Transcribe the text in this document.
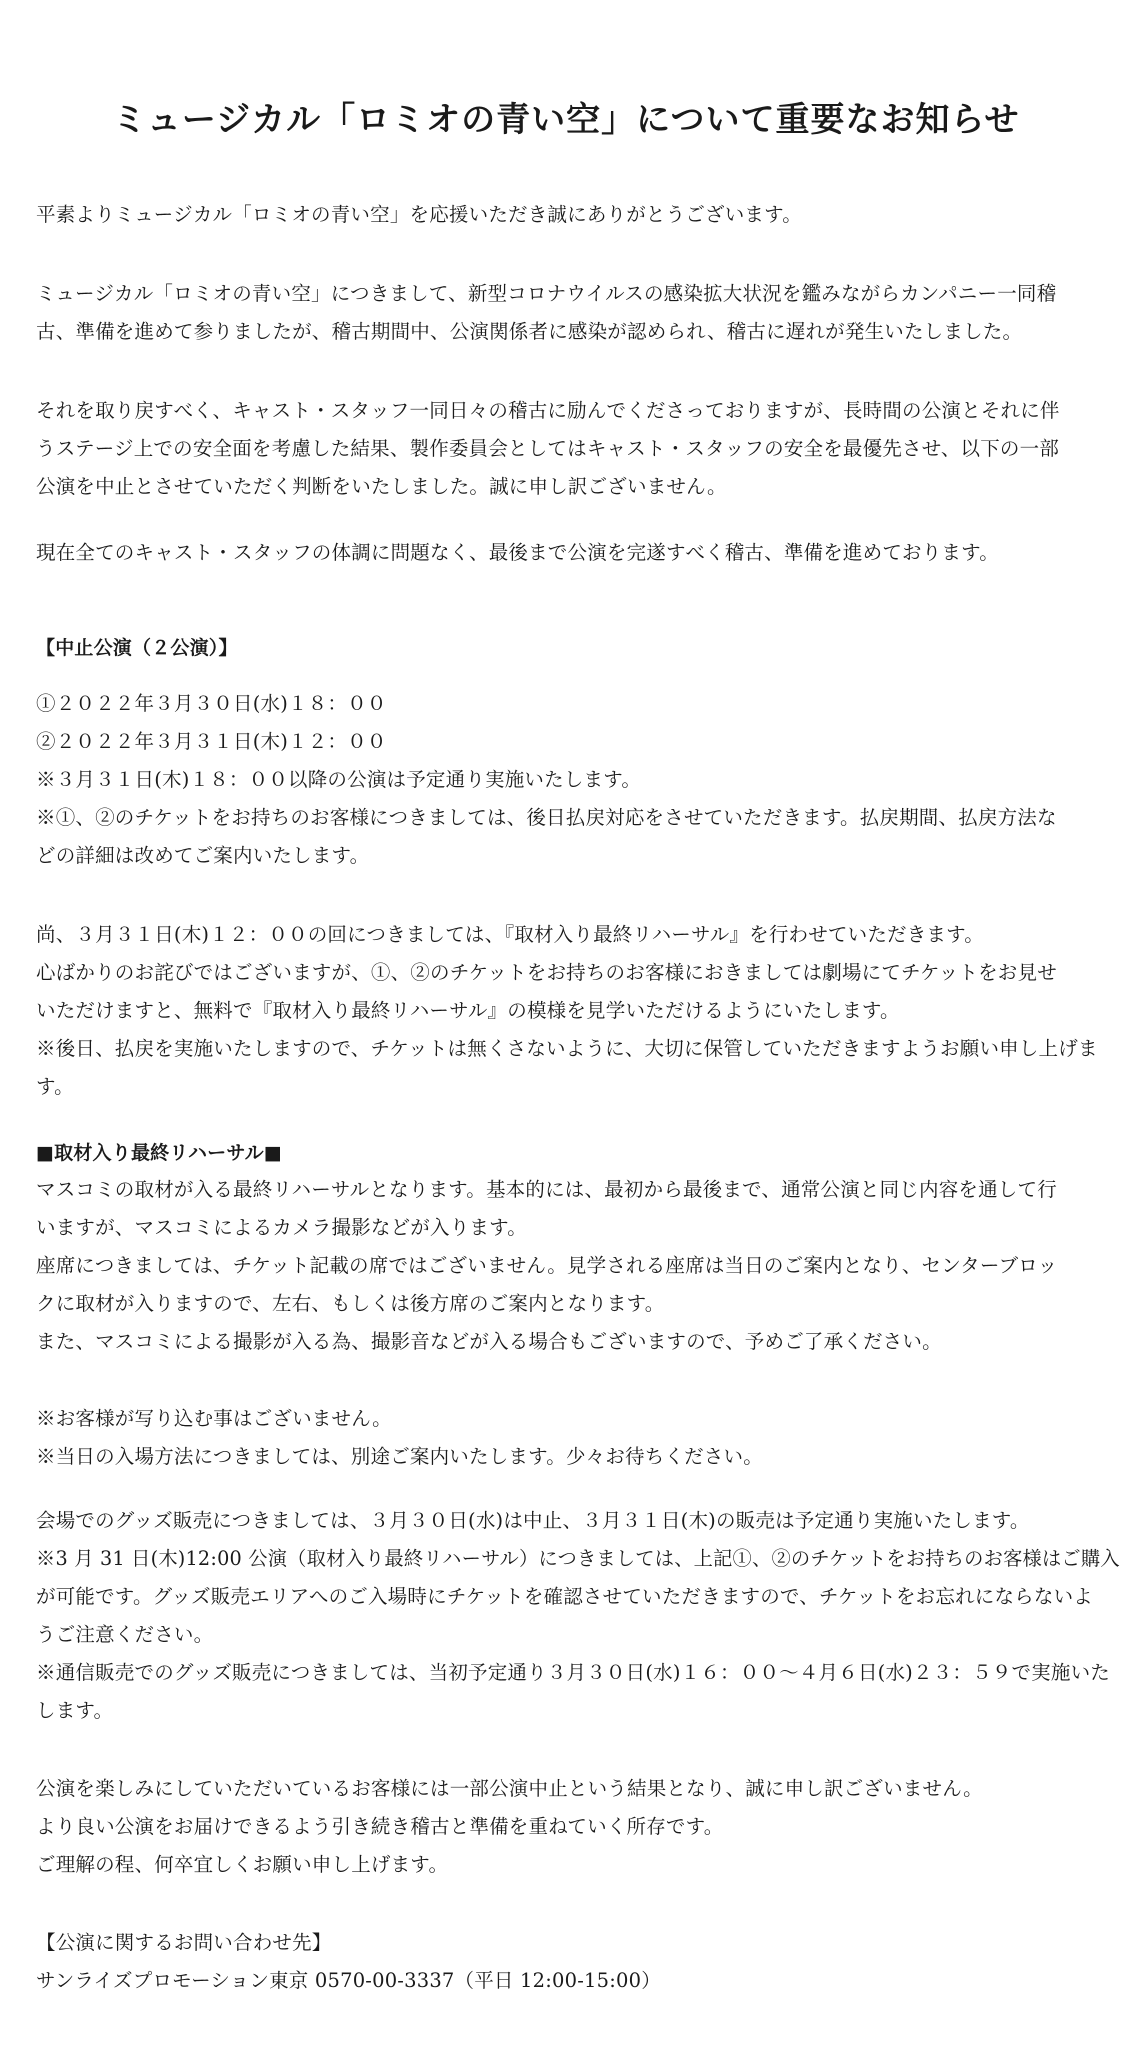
ミュージカル「ロミオの青い空」について重要なお知らせ
平素よりミュージカル「ロミオの青い空」を応援いただき誠にありがとうございます。
ミュージカル「ロミオの青い空」につきまして、新型コロナウイルスの感染拡大状況を鑑みながらカンパニー一同稽
古、準備を進めて参りましたが、稽古期間中、公演関係者に感染が認められ、稽古に遅れが発生いたしました。
それを取り戻すべく、キャスト・スタッフ一同日々の稽古に励んでくださっておりますが、長時間の公演とそれに伴
うステージ上での安全面を考慮した結果、製作委員会としてはキャスト・スタッフの安全を最優先させ、以下の一部
公演を中止とさせていただく判断をいたしました。誠に申し訳ございません。
現在全てのキャスト・スタッフの体調に問題なく、最後まで公演を完遂すべく稽古、準備を進めております。
【中止公演（２公演）】
①２０２２年３月３０日(水)１８：００
②２０２２年３月３１日(木)１２：００
※３月３１日(木)１８：００以降の公演は予定通り実施いたします。
※①、②のチケットをお持ちのお客様につきましては、後日払戻対応をさせていただきます。払戻期間、払戻方法な
どの詳細は改めてご案内いたします。
尚、３月３１日(木)１２：００の回につきましては、『取材入り最終リハーサル』を行わせていただきます。
心ばかりのお詫びではございますが、①、②のチケットをお持ちのお客様におきましては劇場にてチケットをお見せ
いただけますと、無料で『取材入り最終リハーサル』の模様を見学いただけるようにいたします。
※後日、払戻を実施いたしますので、チケットは無くさないように、大切に保管していただきますようお願い申し上げま
す。
■取材入り最終リハーサル■
マスコミの取材が入る最終リハーサルとなります。基本的には、最初から最後まで、通常公演と同じ内容を通して行
いますが、マスコミによるカメラ撮影などが入ります。
座席につきましては、チケット記載の席ではございません。見学される座席は当日のご案内となり、センターブロッ
クに取材が入りますので、左右、もしくは後方席のご案内となります。
また、マスコミによる撮影が入る為、撮影音などが入る場合もございますので、予めご了承ください。
※お客様が写り込む事はございません。
※当日の入場方法につきましては、別途ご案内いたします。少々お待ちください。
会場でのグッズ販売につきましては、３月３０日(水)は中止、３月３１日(木)の販売は予定通り実施いたします。
※3 月 31 日(木)12:00 公演（取材入り最終リハーサル）につきましては、上記①、②のチケットをお持ちのお客様はご購入
が可能です。グッズ販売エリアへのご入場時にチケットを確認させていただきますので、チケットをお忘れにならないよ
うご注意ください。
※通信販売でのグッズ販売につきましては、当初予定通り３月３０日(水)１６：００～４月６日(水)２３：５９で実施いた
します。
公演を楽しみにしていただいているお客様には一部公演中止という結果となり、誠に申し訳ございません。
より良い公演をお届けできるよう引き続き稽古と準備を重ねていく所存です。
ご理解の程、何卒宜しくお願い申し上げます。
【公演に関するお問い合わせ先】
サンライズプロモーション東京 0570-00-3337（平日 12:00-15:00）
